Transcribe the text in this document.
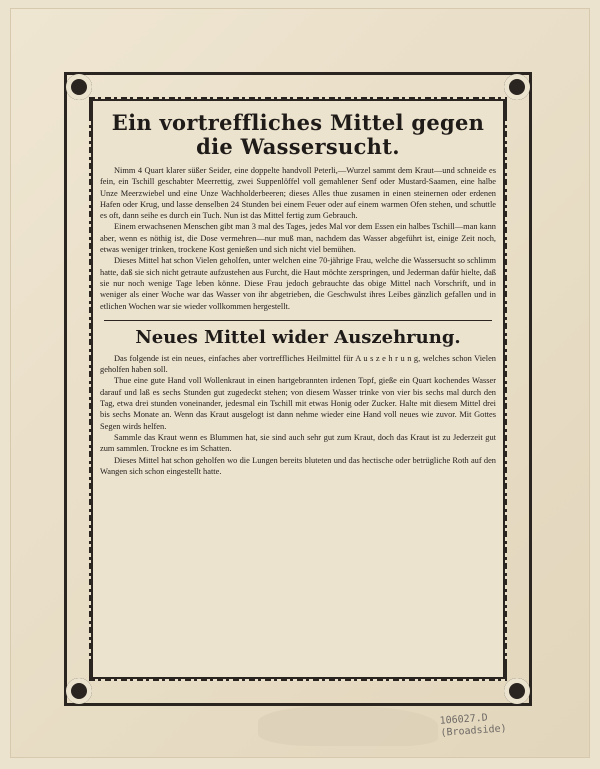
Ein vortreffliches Mittel gegen die Wassersucht.

Nimm 4 Quart klarer süßer Seider, eine doppelte handvoll Peterli,—Wurzel sammt dem Kraut—und schneide es fein, ein Tschill geschabter Meerrettig, zwei Suppenlöffel voll gemahlener Senf oder Mustard-Saamen, eine halbe Unze Meerzwiebel und eine Unze Wachholderbeeren; dieses Alles thue zusamen in einen steinernen oder erdenen Hafen oder Krug, und lasse denselben 24 Stunden bei einem Feuer oder auf einem warmen Ofen stehen, und schuttle es oft, dann seihe es durch ein Tuch. Nun ist das Mittel fertig zum Gebrauch.

Einem erwachsenen Menschen gibt man 3 mal des Tages, jedes Mal vor dem Essen ein halbes Tschill—man kann aber, wenn es nöthig ist, die Dose vermehren—nur muß man, nachdem das Wasser abgeführt ist, einige Zeit noch, etwas weniger trinken, trockene Kost genießen und sich nicht viel bemühen.

Dieses Mittel hat schon Vielen geholfen, unter welchen eine 70-jährige Frau, welche die Wassersucht so schlimm hatte, daß sie sich nicht getraute aufzustehen aus Furcht, die Haut möchte zerspringen, und Jederman dafür hielte, daß sie nur noch wenige Tage leben könne. Diese Frau jedoch gebrauchte das obige Mittel nach Vorschrift, und in weniger als einer Woche war das Wasser von ihr abgetrieben, die Geschwulst ihres Leibes gänzlich gefallen und in etlichen Wochen war sie wieder vollkommen hergestellt.

Neues Mittel wider Auszehrung.

Das folgende ist ein neues, einfaches aber vortreffliches Heilmittel für A u s z e h r u n g, welches schon Vielen geholfen haben soll.

Thue eine gute Hand voll Wollenkraut in einen hartgebrannten irdenen Topf, gieße ein Quart kochendes Wasser darauf und laß es sechs Stunden gut zugedeckt stehen; von diesem Wasser trinke von vier bis sechs mal durch den Tag, etwa drei stunden voneinander, jedesmal ein Tschill mit etwas Honig oder Zucker. Halte mit diesem Mittel drei bis sechs Monate an. Wenn das Kraut ausgelogt ist dann nehme wieder eine Hand voll neues wie zuvor. Mit Gottes Segen wirds helfen.

Sammle das Kraut wenn es Blummen hat, sie sind auch sehr gut zum Kraut, doch das Kraut ist zu Jederzeit gut zum sammlen. Trockne es im Schatten.

Dieses Mittel hat schon geholfen wo die Lungen bereits bluteten und das hectische oder betrügliche Roth auf den Wangen sich schon eingestellt hatte.

106027.D (Broadside)
